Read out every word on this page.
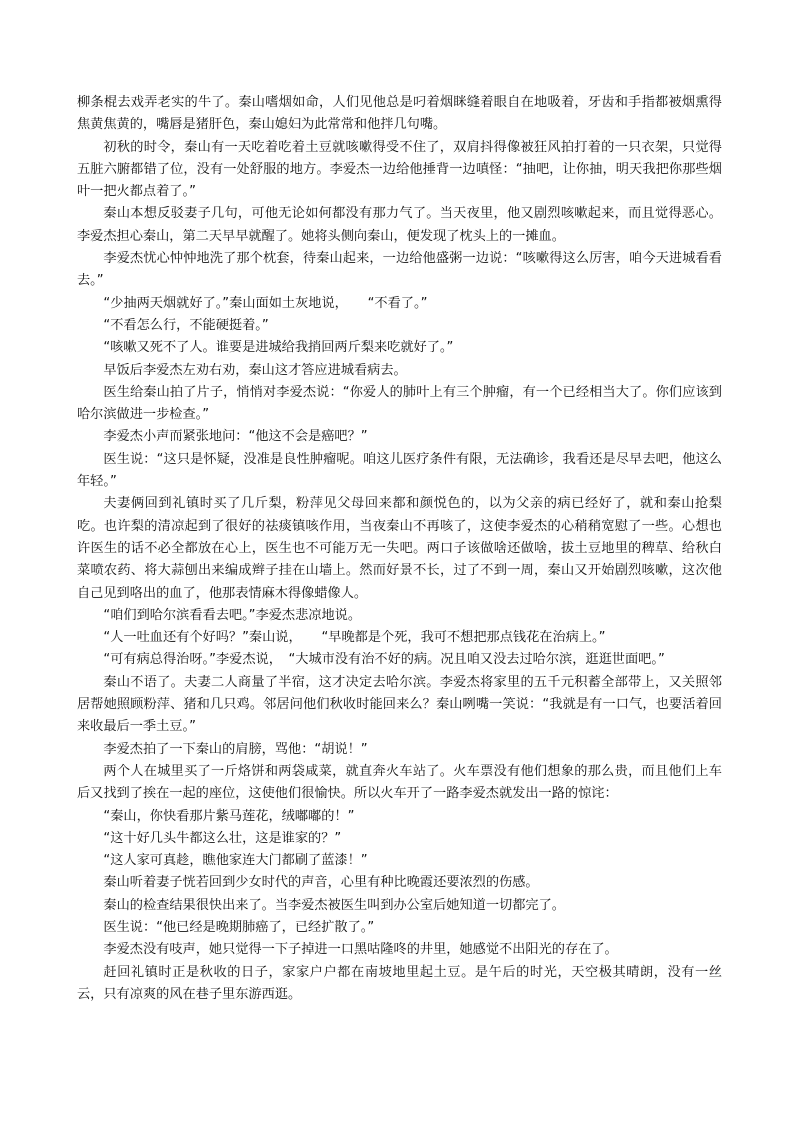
柳条棍去戏弄老实的牛了。秦山嗜烟如命，人们见他总是叼着烟眯缝着眼自在地吸着，牙齿和手指都被烟熏得焦黄焦黄的，嘴唇是猪肝色，秦山媳妇为此常常和他拌几句嘴。

初秋的时令，秦山有一天吃着吃着土豆就咳嗽得受不住了，双肩抖得像被狂风拍打着的一只衣架，只觉得五脏六腑都错了位，没有一处舒服的地方。李爱杰一边给他捶背一边嗔怪：“抽吧，让你抽，明天我把你那些烟叶一把火都点着了。”

秦山本想反驳妻子几句，可他无论如何都没有那力气了。当天夜里，他又剧烈咳嗽起来，而且觉得恶心。李爱杰担心秦山，第二天早早就醒了。她将头侧向秦山，便发现了枕头上的一摊血。

李爱杰忧心忡忡地洗了那个枕套，待秦山起来，一边给他盛粥一边说：“咳嗽得这么厉害，咱今天进城看看去。”

“少抽两天烟就好了。”秦山面如土灰地说，　　“不看了。”

“不看怎么行，不能硬挺着。”

“咳嗽又死不了人。谁要是进城给我捎回两斤梨来吃就好了。”

早饭后李爱杰左劝右劝，秦山这才答应进城看病去。

医生给秦山拍了片子，悄悄对李爱杰说：“你爱人的肺叶上有三个肿瘤，有一个已经相当大了。你们应该到哈尔滨做进一步检查。”

李爱杰小声而紧张地问：“他这不会是癌吧？”

医生说：“这只是怀疑，没准是良性肿瘤呢。咱这儿医疗条件有限，无法确诊，我看还是尽早去吧，他这么年轻。”

夫妻俩回到礼镇时买了几斤梨，粉萍见父母回来都和颜悦色的，以为父亲的病已经好了，就和秦山抢梨吃。也许梨的清凉起到了很好的祛痰镇咳作用，当夜秦山不再咳了，这使李爱杰的心稍稍宽慰了一些。心想也许医生的话不必全都放在心上，医生也不可能万无一失吧。两口子该做啥还做啥，拔土豆地里的稗草、给秋白菜喷农药、将大蒜刨出来编成辫子挂在山墙上。然而好景不长，过了不到一周，秦山又开始剧烈咳嗽，这次他自己见到咯出的血了，他那表情麻木得像蜡像人。

“咱们到哈尔滨看看去吧。”李爱杰悲凉地说。

“人一吐血还有个好吗？”秦山说，　　“早晚都是个死，我可不想把那点钱花在治病上。”

“可有病总得治呀。”李爱杰说，　“大城市没有治不好的病。况且咱又没去过哈尔滨，逛逛世面吧。”

秦山不语了。夫妻二人商量了半宿，这才决定去哈尔滨。李爱杰将家里的五千元积蓄全部带上，又关照邻居帮她照顾粉萍、猪和几只鸡。邻居问他们秋收时能回来么？秦山咧嘴一笑说：“我就是有一口气，也要活着回来收最后一季土豆。”

李爱杰拍了一下秦山的肩膀，骂他：“胡说！”

两个人在城里买了一斤烙饼和两袋咸菜，就直奔火车站了。火车票没有他们想象的那么贵，而且他们上车后又找到了挨在一起的座位，这使他们很愉快。所以火车开了一路李爱杰就发出一路的惊诧：

“秦山，你快看那片紫马莲花，绒嘟嘟的！”

“这十好几头牛都这么壮，这是谁家的？”

“这人家可真趁，瞧他家连大门都刷了蓝漆！”

秦山听着妻子恍若回到少女时代的声音，心里有种比晚霞还要浓烈的伤感。

秦山的检查结果很快出来了。当李爱杰被医生叫到办公室后她知道一切都完了。

医生说：“他已经是晚期肺癌了，已经扩散了。”

李爱杰没有吱声，她只觉得一下子掉进一口黑咕隆咚的井里，她感觉不出阳光的存在了。

赶回礼镇时正是秋收的日子，家家户户都在南坡地里起土豆。是午后的时光，天空极其晴朗，没有一丝云，只有凉爽的风在巷子里东游西逛。
